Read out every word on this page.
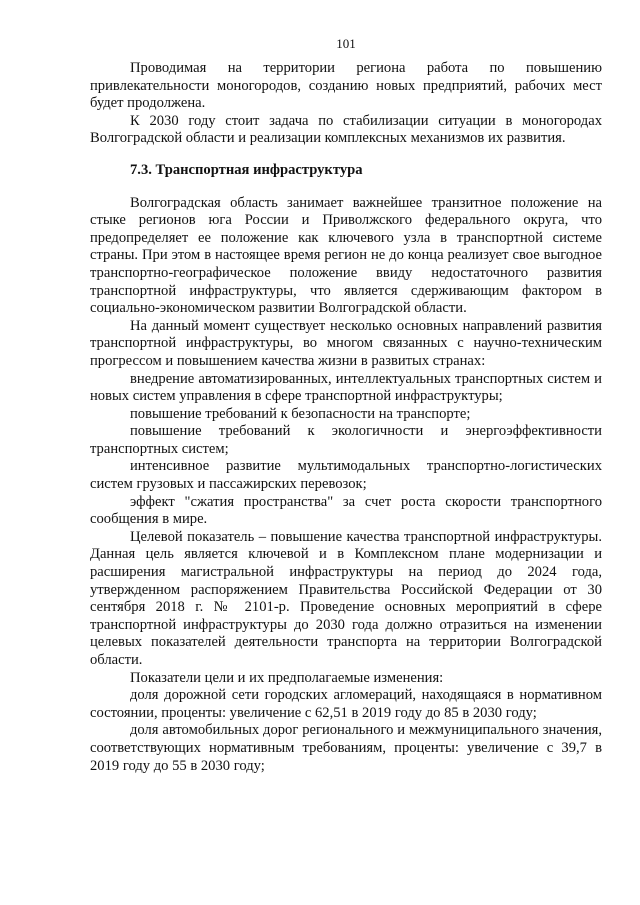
101

Проводимая на территории региона работа по повышению привлекательности моногородов, созданию новых предприятий, рабочих мест будет продолжена.

К 2030 году стоит задача по стабилизации ситуации в моногородах Волгоградской области и реализации комплексных механизмов их развития.

7.3. Транспортная инфраструктура

Волгоградская область занимает важнейшее транзитное положение на стыке регионов юга России и Приволжского федерального округа, что предопределяет ее положение как ключевого узла в транспортной системе страны. При этом в настоящее время регион не до конца реализует свое выгодное транспортно-географическое положение ввиду недостаточного развития транспортной инфраструктуры, что является сдерживающим фактором в социально-экономическом развитии Волгоградской области.

На данный момент существует несколько основных направлений развития транспортной инфраструктуры, во многом связанных с научно-техническим прогрессом и повышением качества жизни в развитых странах:

внедрение автоматизированных, интеллектуальных транспортных систем и новых систем управления в сфере транспортной инфраструктуры;

повышение требований к безопасности на транспорте;

повышение требований к экологичности и энергоэффективности транспортных систем;

интенсивное развитие мультимодальных транспортно-логистических систем грузовых и пассажирских перевозок;

эффект "сжатия пространства" за счет роста скорости транспортного сообщения в мире.

Целевой показатель – повышение качества транспортной инфраструктуры. Данная цель является ключевой и в Комплексном плане модернизации и расширения магистральной инфраструктуры на период до 2024 года, утвержденном распоряжением Правительства Российской Федерации от 30 сентября 2018 г. № 2101-р. Проведение основных мероприятий в сфере транспортной инфраструктуры до 2030 года должно отразиться на изменении целевых показателей деятельности транспорта на территории Волгоградской области.

Показатели цели и их предполагаемые изменения:

доля дорожной сети городских агломераций, находящаяся в нормативном состоянии, проценты: увеличение с 62,51 в 2019 году до 85 в 2030 году;

доля автомобильных дорог регионального и межмуниципального значения, соответствующих нормативным требованиям, проценты: увеличение с 39,7 в 2019 году до 55 в 2030 году;
